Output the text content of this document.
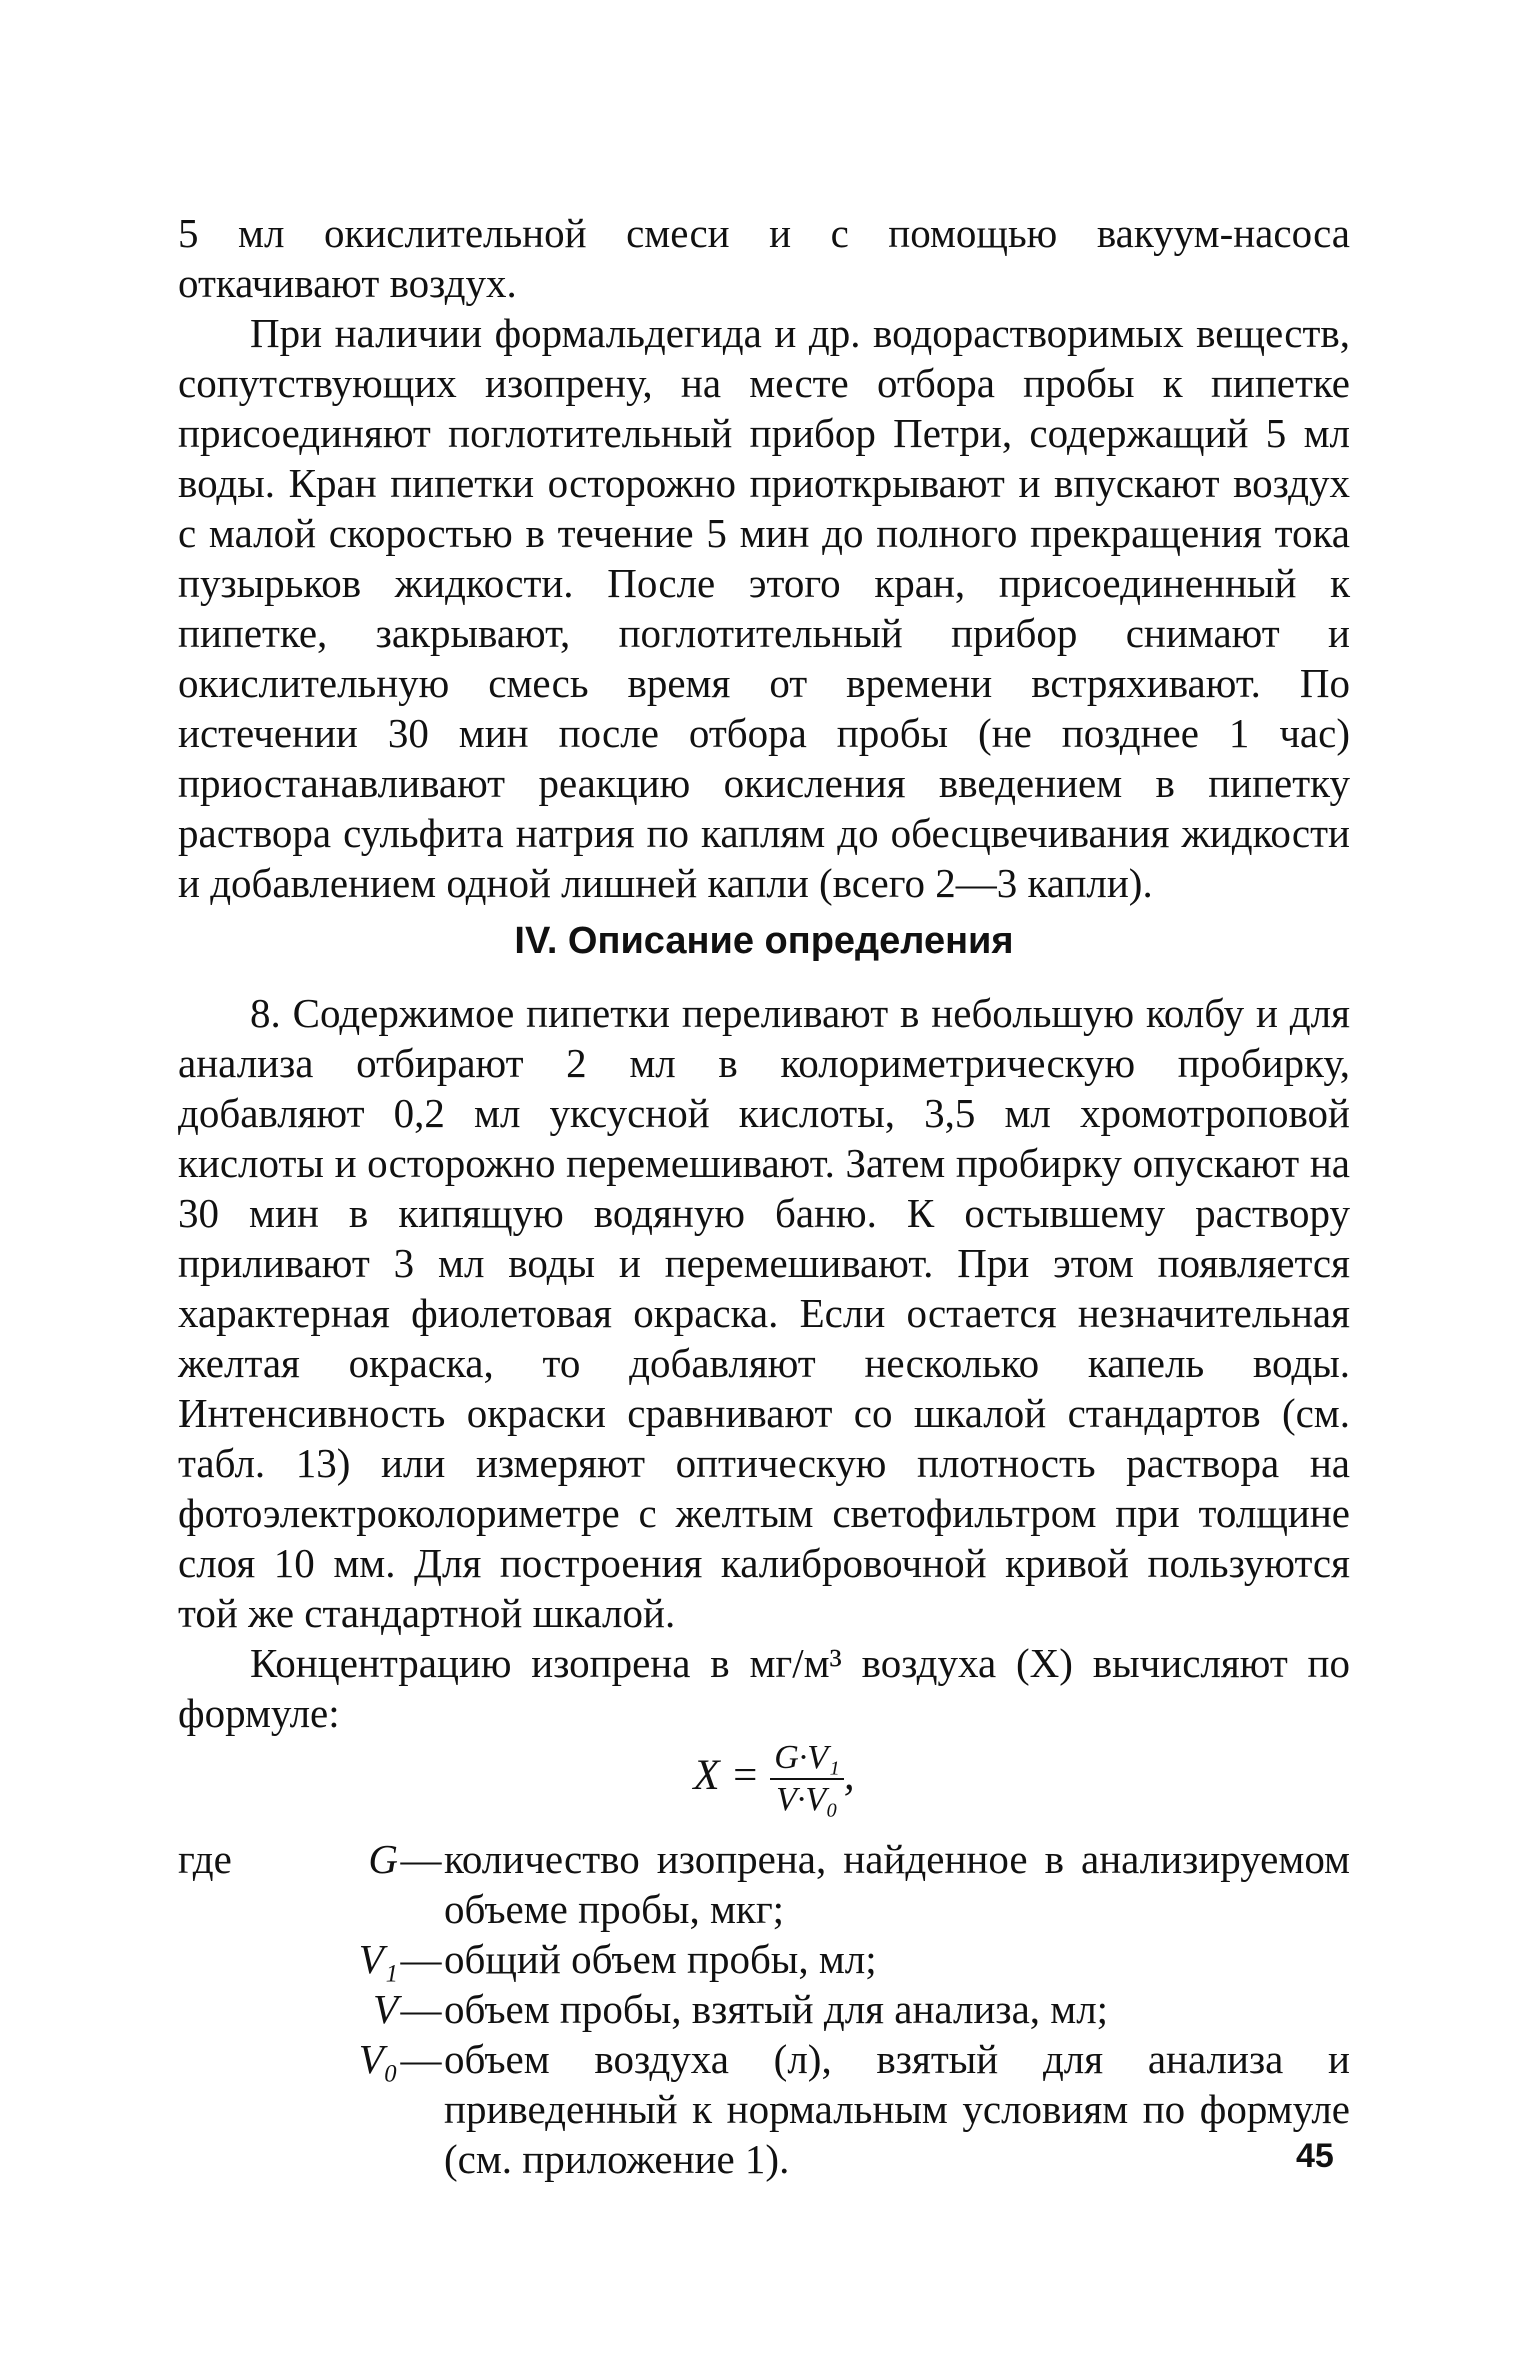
5 мл окислительной смеси и с помощью вакуум-насоса откачивают воздух.

При наличии формальдегида и др. водорастворимых веществ, сопутствующих изопрену, на месте отбора пробы к пипетке присоединяют поглотительный прибор Петри, содержащий 5 мл воды. Кран пипетки осторожно приоткрывают и впускают воздух с малой скоростью в течение 5 мин до полного прекращения тока пузырьков жидкости. После этого кран, присоединенный к пипетке, закрывают, поглотительный прибор снимают и окислительную смесь время от времени встряхивают. По истечении 30 мин после отбора пробы (не позднее 1 час) приостанавливают реакцию окисления введением в пипетку раствора сульфита натрия по каплям до обесцвечивания жидкости и добавлением одной лишней капли (всего 2—3 капли).

IV. Описание определения

8. Содержимое пипетки переливают в небольшую колбу и для анализа отбирают 2 мл в колориметрическую пробирку, добавляют 0,2 мл уксусной кислоты, 3,5 мл хромотроповой кислоты и осторожно перемешивают. Затем пробирку опускают на 30 мин в кипящую водяную баню. К остывшему раствору приливают 3 мл воды и перемешивают. При этом появляется характерная фиолетовая окраска. Если остается незначительная желтая окраска, то добавляют несколько капель воды. Интенсивность окраски сравнивают со шкалой стандартов (см. табл. 13) или измеряют оптическую плотность раствора на фотоэлектроколориметре с желтым светофильтром при толщине слоя 10 мм. Для построения калибровочной кривой пользуются той же стандартной шкалой.

Концентрацию изопрена в мг/м³ воздуха (X) вычисляют по формуле:

$X = \frac{\text{G·V₁}}{\text{V·V₀}}$ ,
где	G — количество изопрена, найденное в анализируемом объеме пробы, мкг;
V₁ — общий объем пробы, мл;
V — объем пробы, взятый для анализа, мл;
V₀ — объем воздуха (л), взятый для анализа и приведенный к нормальным условиям по формуле (см. приложение 1).	45
